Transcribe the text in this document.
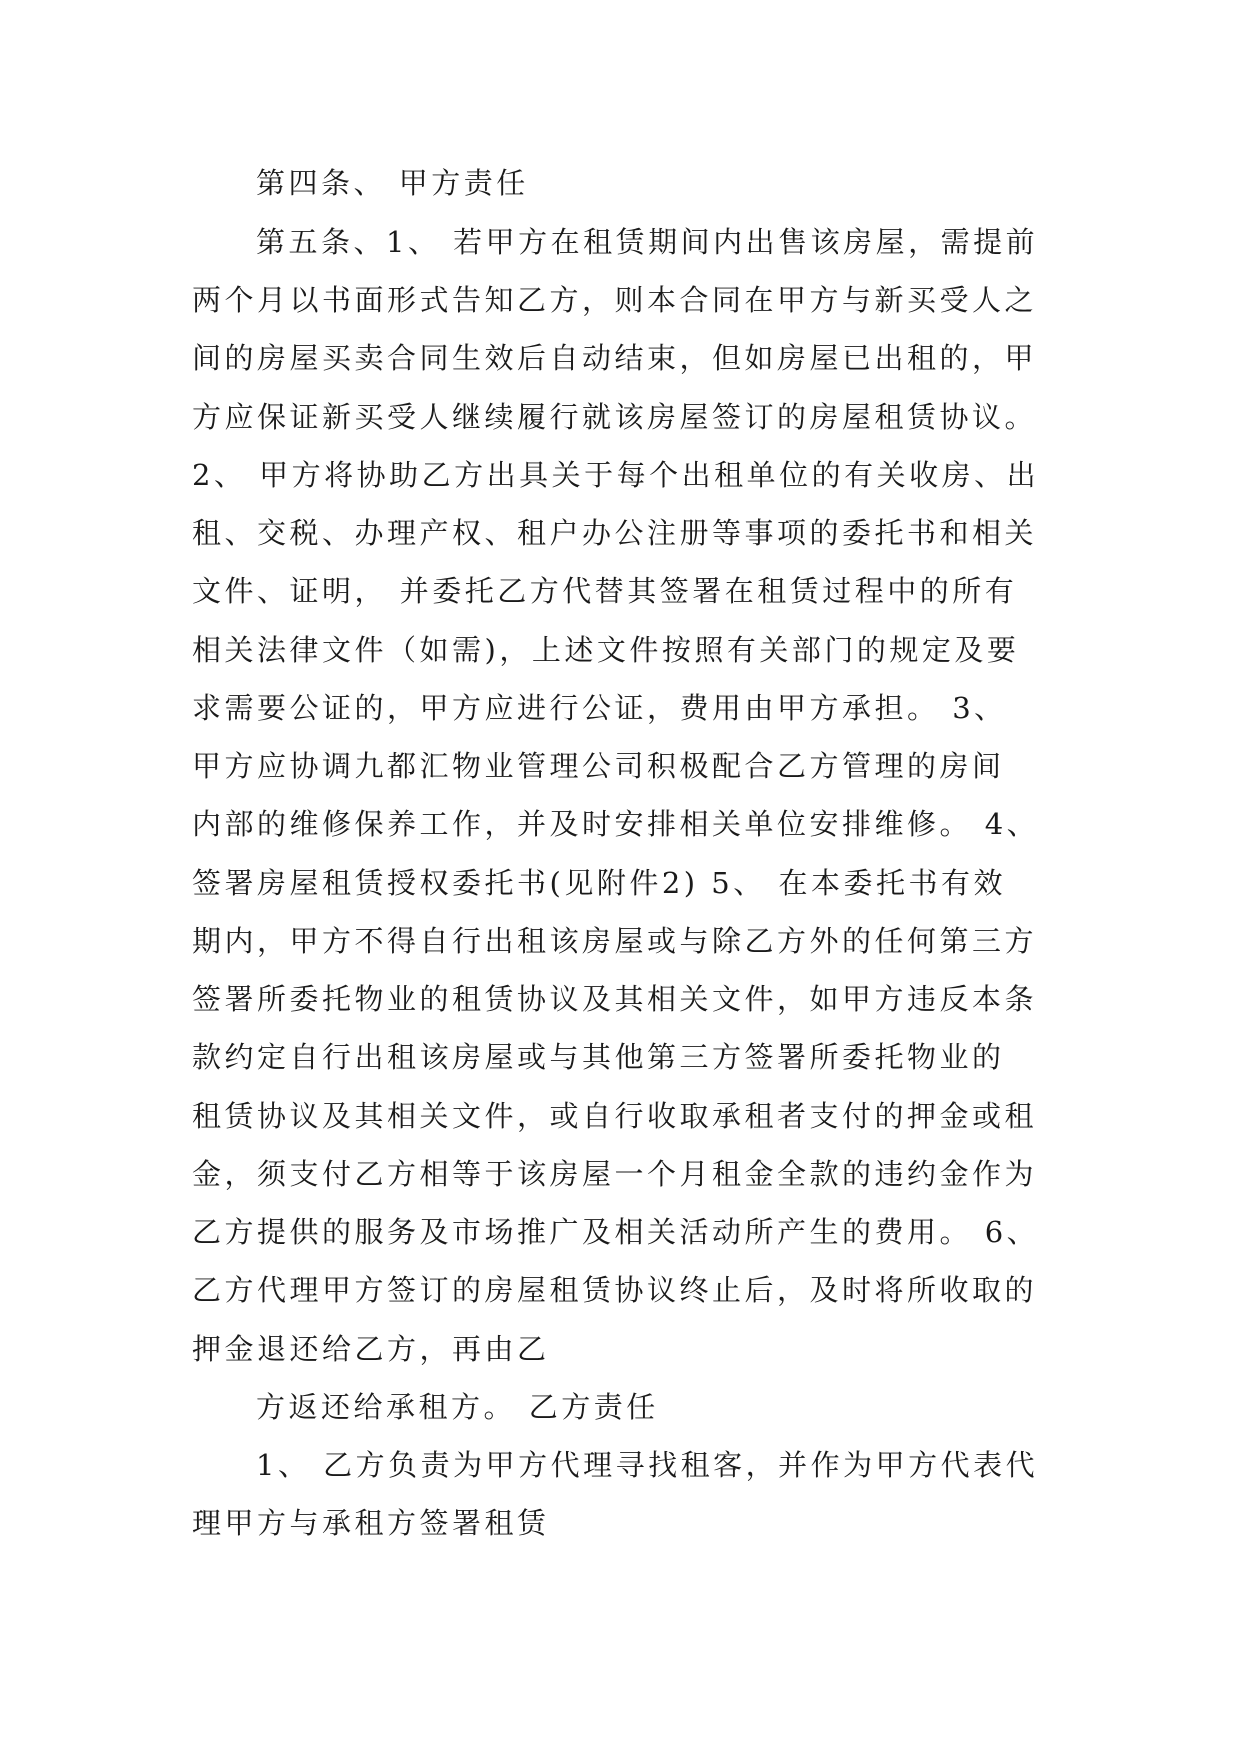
第四条、 甲方责任
第五条、1、 若甲方在租赁期间内出售该房屋，需提前
两个月以书面形式告知乙方，则本合同在甲方与新买受人之
间的房屋买卖合同生效后自动结束，但如房屋已出租的，甲
方应保证新买受人继续履行就该房屋签订的房屋租赁协议。
2、 甲方将协助乙方出具关于每个出租单位的有关收房、出
租、交税、办理产权、租户办公注册等事项的委托书和相关
文件、证明， 并委托乙方代替其签署在租赁过程中的所有
相关法律文件（如需)，上述文件按照有关部门的规定及要
求需要公证的，甲方应进行公证，费用由甲方承担。 3、
甲方应协调九都汇物业管理公司积极配合乙方管理的房间
内部的维修保养工作，并及时安排相关单位安排维修。 4、
签署房屋租赁授权委托书(见附件2) 5、 在本委托书有效
期内，甲方不得自行出租该房屋或与除乙方外的任何第三方
签署所委托物业的租赁协议及其相关文件，如甲方违反本条
款约定自行出租该房屋或与其他第三方签署所委托物业的
租赁协议及其相关文件，或自行收取承租者支付的押金或租
金，须支付乙方相等于该房屋一个月租金全款的违约金作为
乙方提供的服务及市场推广及相关活动所产生的费用。 6、
乙方代理甲方签订的房屋租赁协议终止后，及时将所收取的
押金退还给乙方，再由乙
方返还给承租方。 乙方责任
1、 乙方负责为甲方代理寻找租客，并作为甲方代表代
理甲方与承租方签署租赁
